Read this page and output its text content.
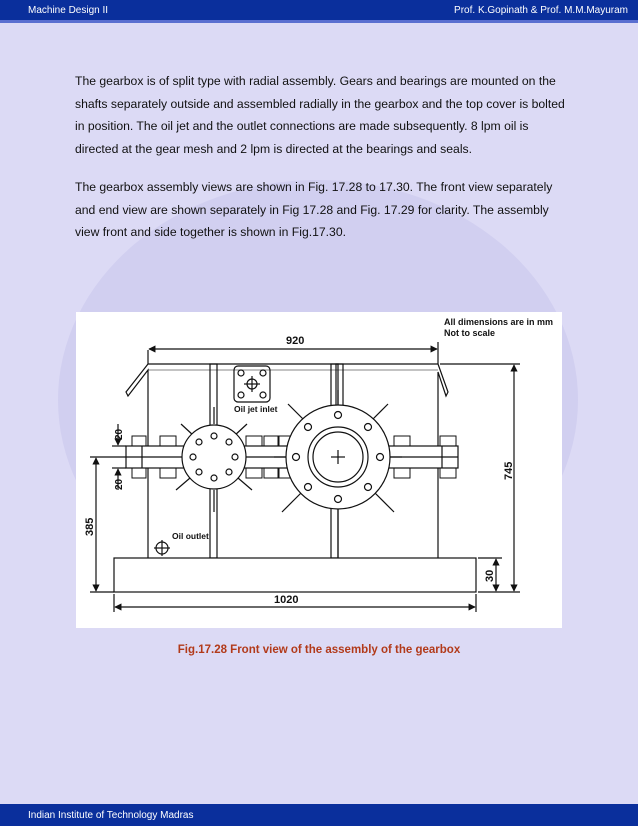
Machine Design II	Prof. K.Gopinath & Prof. M.M.Mayuram

The gearbox is of split type with radial assembly. Gears and bearings are mounted on the shafts separately outside and assembled radially in the gearbox and the top cover is bolted in position. The oil jet and the outlet connections are made subsequently. 8 lpm oil is directed at the gear mesh and 2 lpm is directed at the bearings and seals.

The gearbox assembly views are shown in Fig. 17.28 to 17.30. The front view separately and end view are shown separately in Fig 17.28 and Fig. 17.29 for clarity. The assembly view front and side together is shown in Fig.17.30.

All dimensions are in mm
Not to scale
920
Oil jet inlet
Oil outlet
1020
745
30
385
20
20
Fig.17.28 Front view of the assembly of the gearbox
Indian Institute of Technology Madras
